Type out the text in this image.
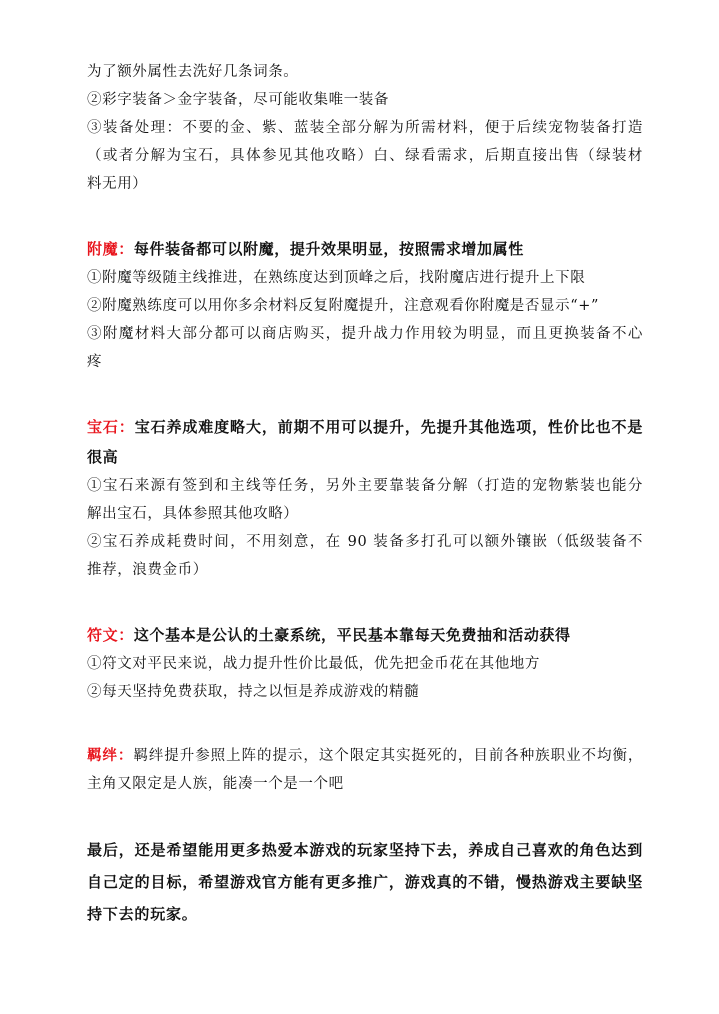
为了额外属性去洗好几条词条。
②彩字装备＞金字装备，尽可能收集唯一装备
③装备处理：不要的金、紫、蓝装全部分解为所需材料，便于后续宠物装备打造
（或者分解为宝石，具体参见其他攻略）白、绿看需求，后期直接出售（绿装材
料无用）
附魔：每件装备都可以附魔，提升效果明显，按照需求增加属性
①附魔等级随主线推进，在熟练度达到顶峰之后，找附魔店进行提升上下限
②附魔熟练度可以用你多余材料反复附魔提升，注意观看你附魔是否显示“+”
③附魔材料大部分都可以商店购买，提升战力作用较为明显，而且更换装备不心
疼
宝石：宝石养成难度略大，前期不用可以提升，先提升其他选项，性价比也不是
很高
①宝石来源有签到和主线等任务，另外主要靠装备分解（打造的宠物紫装也能分
解出宝石，具体参照其他攻略）
②宝石养成耗费时间，不用刻意，在 90 装备多打孔可以额外镶嵌（低级装备不
推荐，浪费金币）
符文：这个基本是公认的土豪系统，平民基本靠每天免费抽和活动获得
①符文对平民来说，战力提升性价比最低，优先把金币花在其他地方
②每天坚持免费获取，持之以恒是养成游戏的精髓
羁绊：羁绊提升参照上阵的提示，这个限定其实挺死的，目前各种族职业不均衡，
主角又限定是人族，能凑一个是一个吧
最后，还是希望能用更多热爱本游戏的玩家坚持下去，养成自己喜欢的角色达到
自己定的目标，希望游戏官方能有更多推广，游戏真的不错，慢热游戏主要缺坚
持下去的玩家。
